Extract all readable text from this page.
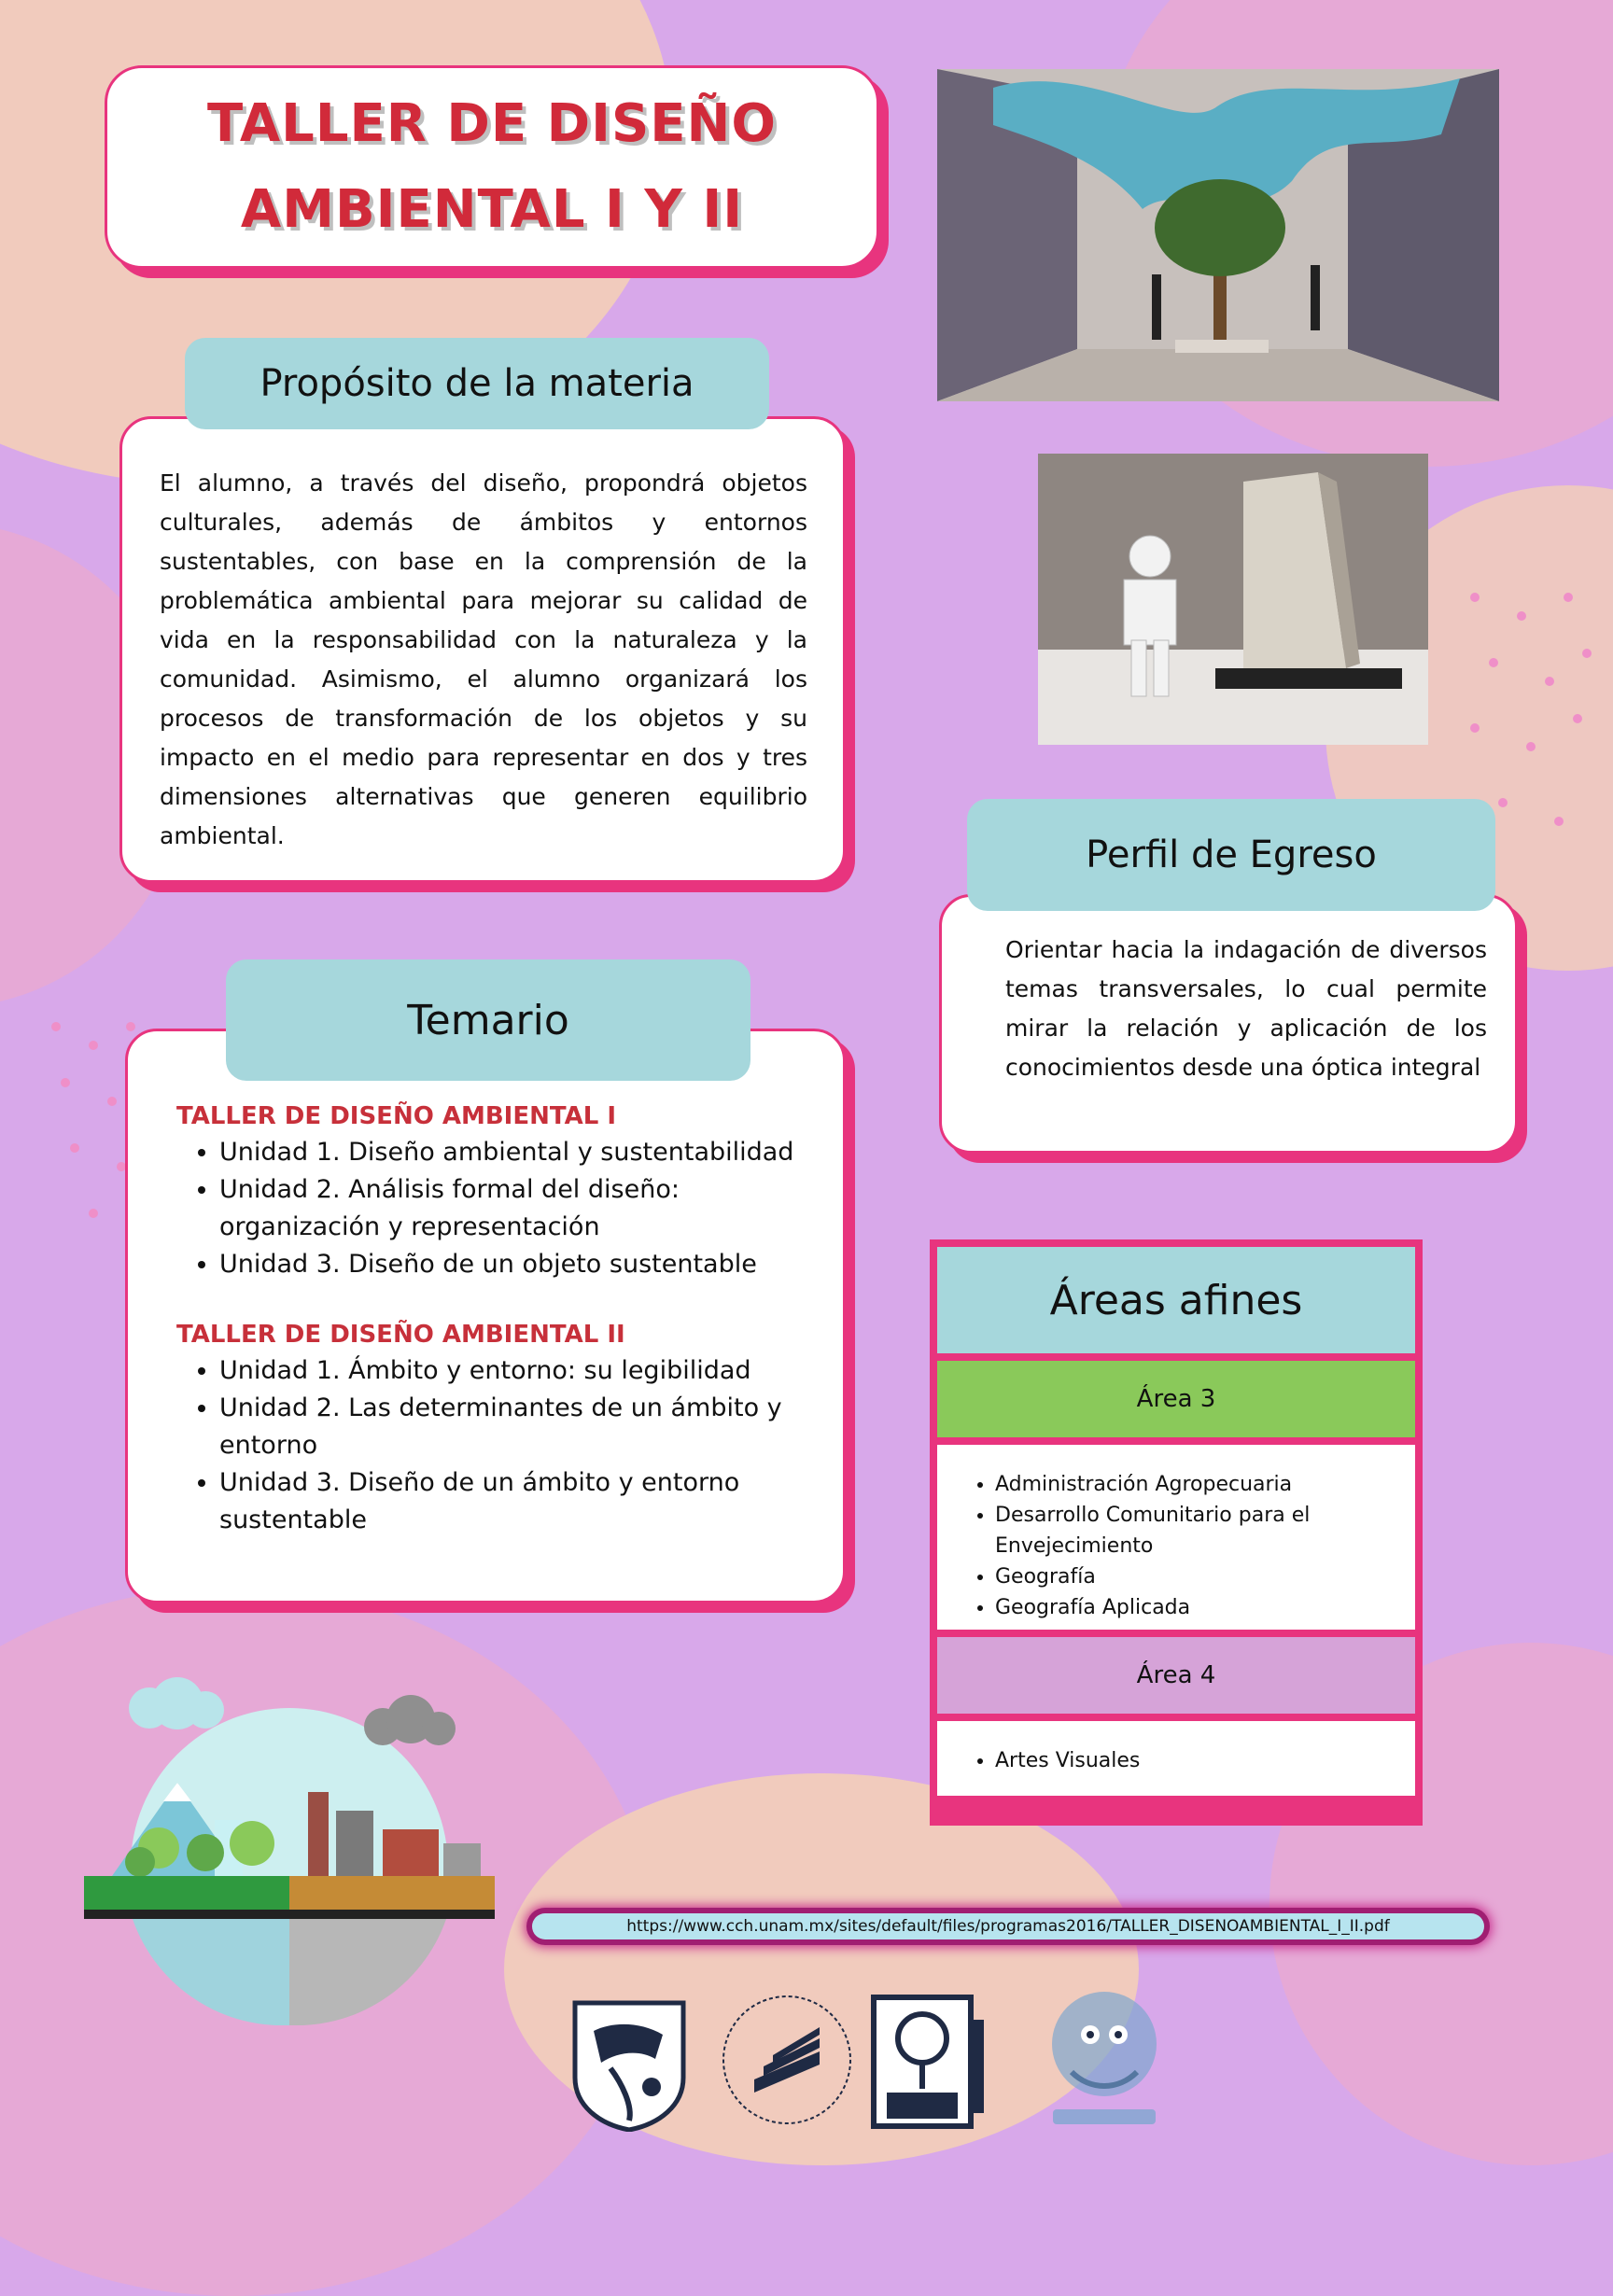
TALLER DE DISEÑO
AMBIENTAL I Y II
El alumno, a través del diseño, propondrá objetos culturales, además de ámbitos y entornos sustentables, con base en la comprensión de la problemática ambiental para mejorar su calidad de vida en la responsabilidad con la naturaleza y la comunidad. Asimismo, el alumno organizará los procesos de transformación de los objetos y su impacto en el medio para representar en dos y tres dimensiones alternativas que generen equilibrio ambiental.
Propósito de la materia
Orientar hacia la indagación de diversos temas transversales, lo cual permite mirar la relación y aplicación de los conocimientos desde una óptica integral
Perfil de Egreso
TALLER DE DISEÑO AMBIENTAL I
• Unidad 1. Diseño ambiental y sustentabilidad
• Unidad 2. Análisis formal del diseño: organización y representación
• Unidad 3. Diseño de un objeto sustentable
TALLER DE DISEÑO AMBIENTAL II
• Unidad 1. Ámbito y entorno: su legibilidad
• Unidad 2. Las determinantes de un ámbito y entorno
• Unidad 3. Diseño de un ámbito y entorno sustentable
Temario
Áreas afines
Área 3
• Administración Agropecuaria
• Desarrollo Comunitario para el Envejecimiento
• Geografía
• Geografía Aplicada
Área 4
• Artes Visuales
https://www.cch.unam.mx/sites/default/files/programas2016/TALLER_DISENOAMBIENTAL_I_II.pdf
